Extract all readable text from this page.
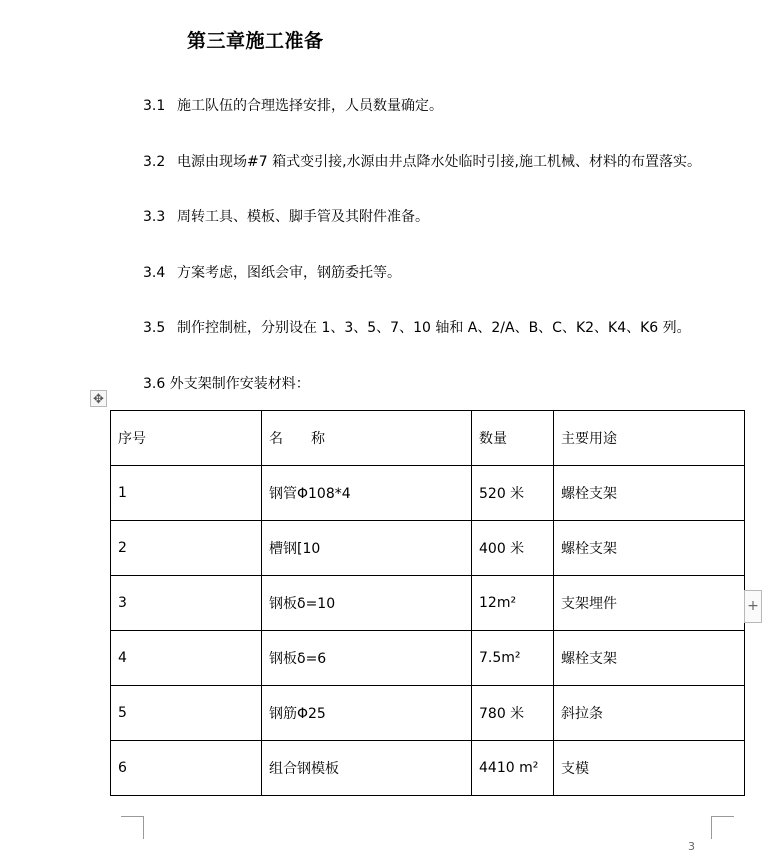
第三章施工准备
3.1 施工队伍的合理选择安排，人员数量确定。
3.2 电源由现场#7 箱式变引接,水源由井点降水处临时引接,施工机械、材料的布置落实。
3.3 周转工具、模板、脚手管及其附件准备。
3.4 方案考虑，图纸会审，钢筋委托等。
3.5 制作控制桩，分别设在 1、3、5、7、10 轴和 A、2/A、B、C、K2、K4、K6 列。
3.6 外支架制作安装材料：
✥
序号	名　　称	数量	主要用途
1	钢管Φ108*4	520 米	螺栓支架
2	槽钢[10	400 米	螺栓支架
3	钢板δ=10	12m²	支架埋件
4	钢板δ=6	7.5m²	螺栓支架
5	钢筋Φ25	780 米	斜拉条
6	组合钢模板	4410 m²	支模
+
3
